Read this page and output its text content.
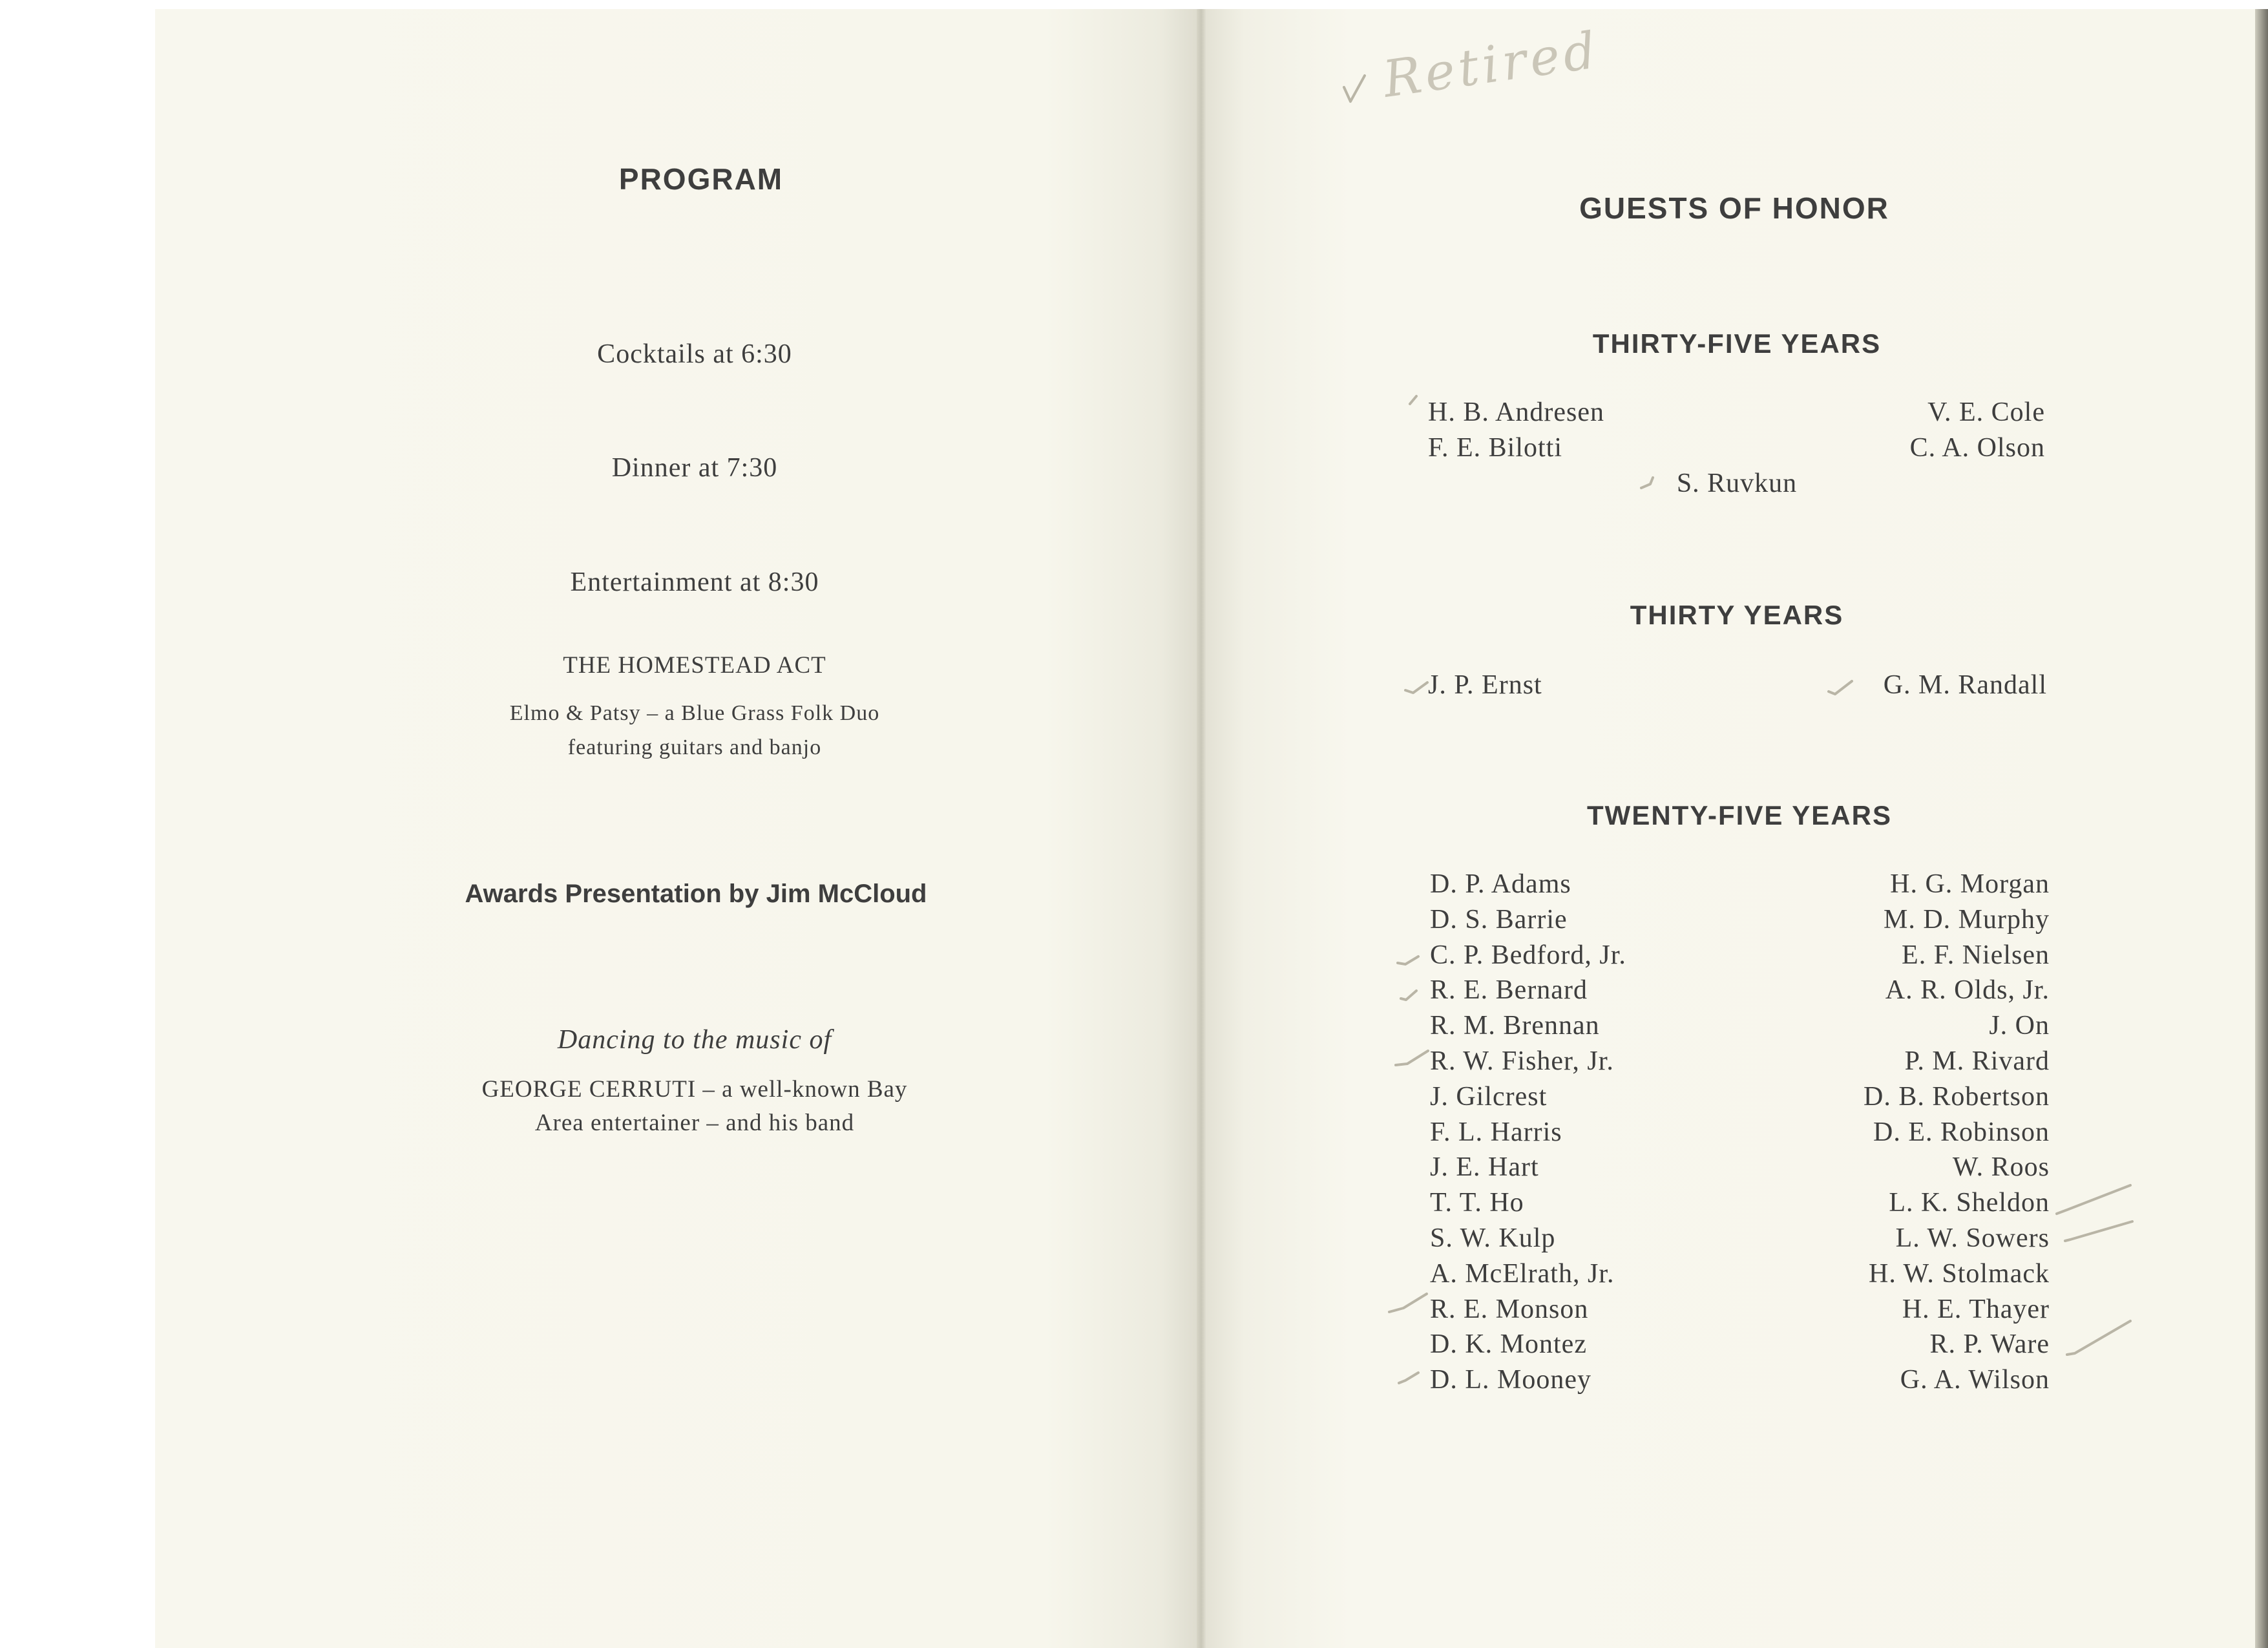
PROGRAM
Cocktails at 6:30
Dinner at 7:30
Entertainment at 8:30
THE HOMESTEAD ACT
Elmo & Patsy – a Blue Grass Folk Duo
featuring guitars and banjo
Awards Presentation by Jim McCloud
Dancing to the music of
GEORGE CERRUTI – a well-known Bay
Area entertainer – and his band
GUESTS OF HONOR
THIRTY-FIVE YEARS
H. B. Andresen
F. E. Bilotti
V. E. Cole
C. A. Olson
S. Ruvkun
THIRTY YEARS
J. P. Ernst	G. M. Randall
TWENTY-FIVE YEARS
D. P. Adams
D. S. Barrie
C. P. Bedford, Jr.
R. E. Bernard
R. M. Brennan
R. W. Fisher, Jr.
J. Gilcrest
F. L. Harris
J. E. Hart
T. T. Ho
S. W. Kulp
A. McElrath, Jr.
R. E. Monson
D. K. Montez
D. L. Mooney
H. G. Morgan
M. D. Murphy
E. F. Nielsen
A. R. Olds, Jr.
J. On
P. M. Rivard
D. B. Robertson
D. E. Robinson
W. Roos
L. K. Sheldon
L. W. Sowers
H. W. Stolmack
H. E. Thayer
R. P. Ware
G. A. Wilson
Retired
